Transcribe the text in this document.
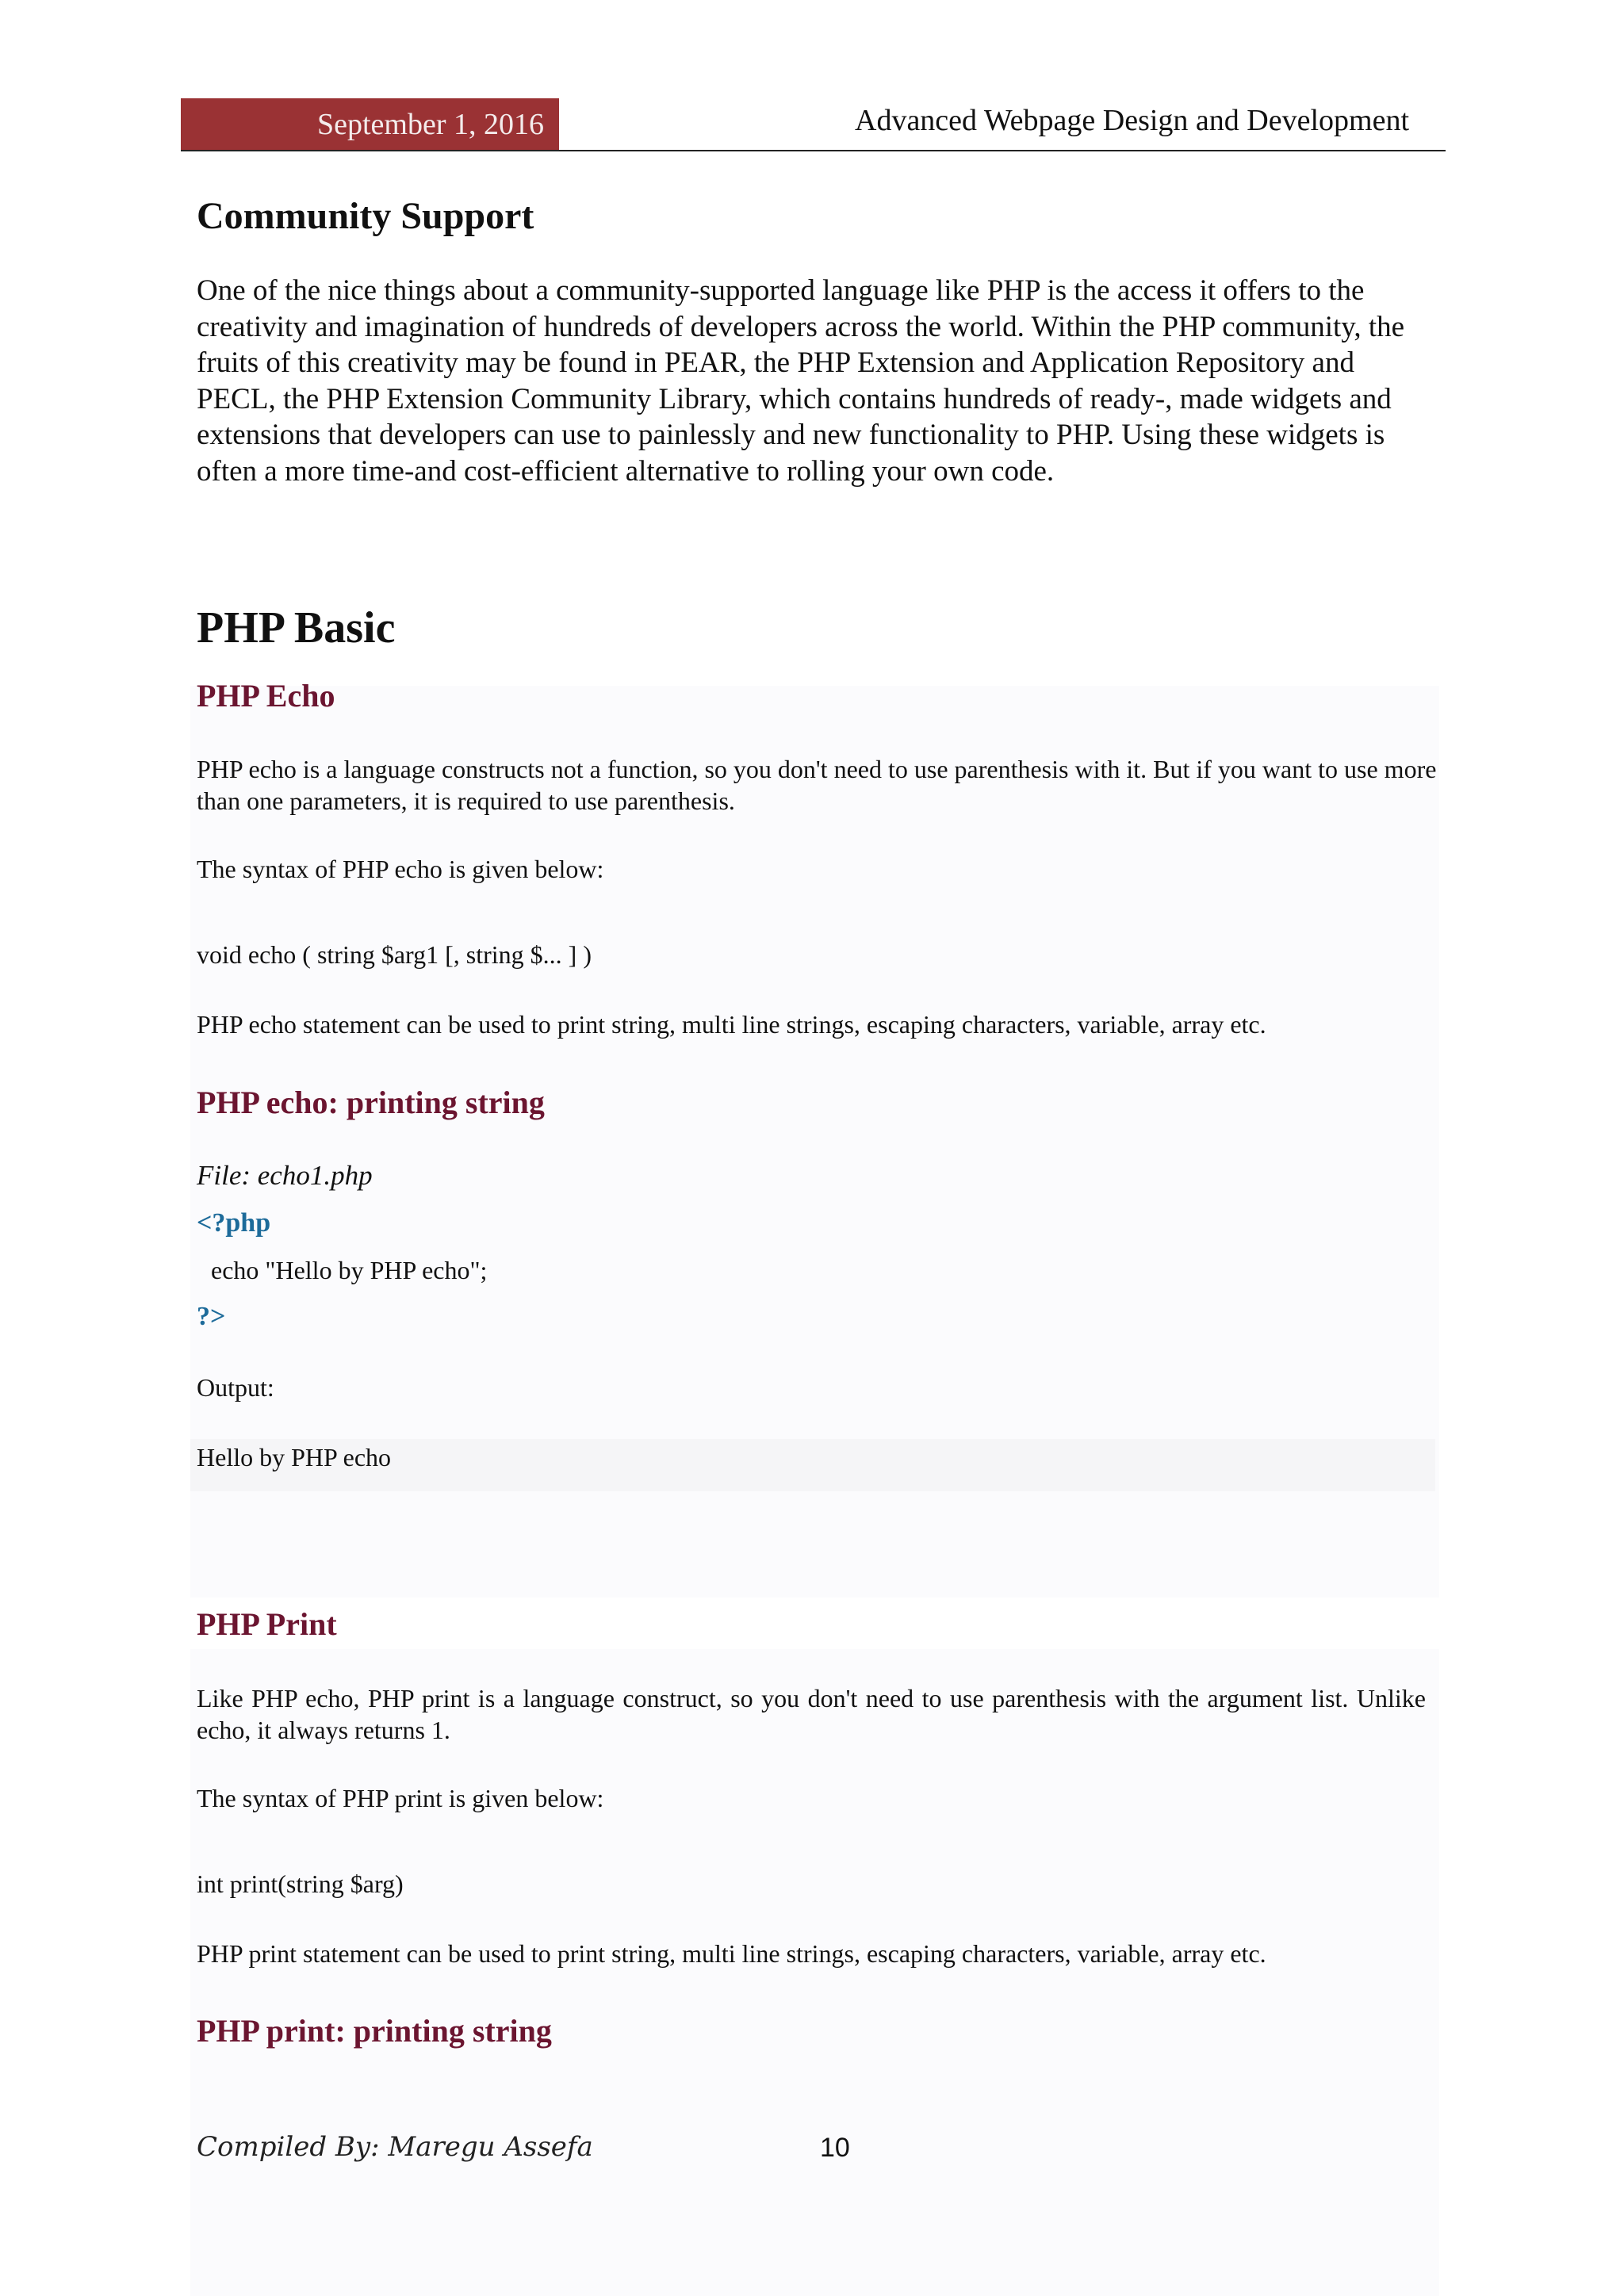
September 1, 2016	Advanced Webpage Design and Development
Community Support
One of the nice things about a community-supported language like PHP is the access it offers to the creativity and imagination of hundreds of developers across the world. Within the PHP community, the fruits of this creativity may be found in PEAR, the PHP Extension and Application Repository and PECL, the PHP Extension Community Library, which contains hundreds of ready-, made widgets and extensions that developers can use to painlessly and new functionality to PHP. Using these widgets is often a more time-and cost-efficient alternative to rolling your own code.
PHP Basic
PHP Echo
PHP echo is a language constructs not a function, so you don't need to use parenthesis with it. But if you want to use more than one parameters, it is required to use parenthesis.
The syntax of PHP echo is given below:
void echo ( string $arg1 [, string $... ] )
PHP echo statement can be used to print string, multi line strings, escaping characters, variable, array etc.
PHP echo: printing string
File: echo1.php
<?php
echo "Hello by PHP echo";
?>
Output:
Hello by PHP echo
PHP Print
Like PHP echo, PHP print is a language construct, so you don't need to use parenthesis with the argument list. Unlike echo, it always returns 1.
The syntax of PHP print is given below:
int print(string $arg)
PHP print statement can be used to print string, multi line strings, escaping characters, variable, array etc.
PHP print: printing string
Compiled By: Maregu Assefa	10
